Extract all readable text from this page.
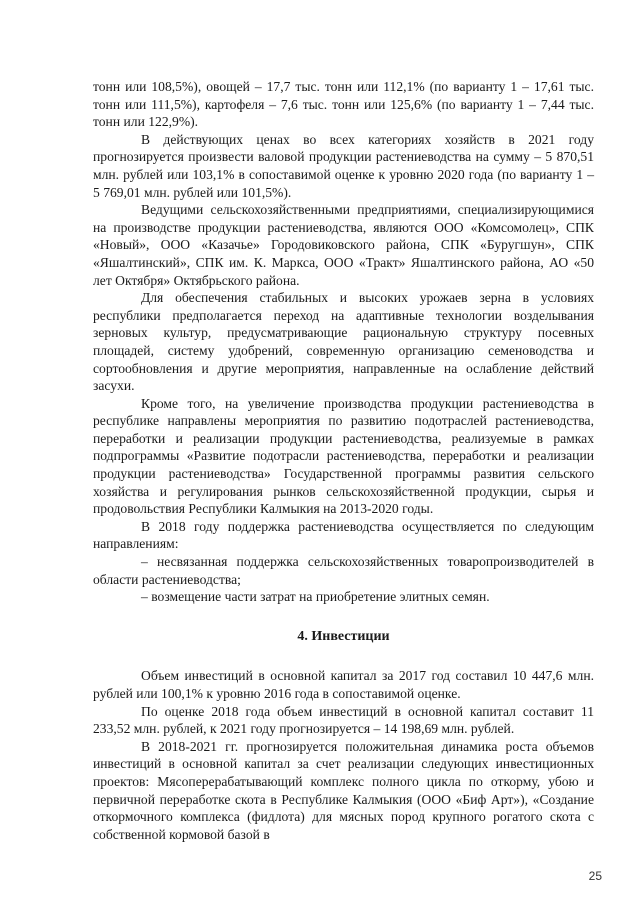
тонн или 108,5%), овощей – 17,7 тыс. тонн или 112,1% (по варианту 1 – 17,61 тыс. тонн или 111,5%), картофеля – 7,6 тыс. тонн или 125,6% (по варианту 1 – 7,44 тыс. тонн или 122,9%).

В действующих ценах во всех категориях хозяйств в 2021 году прогнозируется произвести валовой продукции растениеводства на сумму – 5 870,51 млн. рублей или 103,1% в сопоставимой оценке к уровню 2020 года (по варианту 1 – 5 769,01 млн. рублей или 101,5%).

Ведущими сельскохозяйственными предприятиями, специализирующимися на производстве продукции растениеводства, являются ООО «Комсомолец», СПК «Новый», ООО «Казачье» Городовиковского района, СПК «Буругшун», СПК «Яшалтинский», СПК им. К. Маркса, ООО «Тракт» Яшалтинского района, АО «50 лет Октября» Октябрьского района.

Для обеспечения стабильных и высоких урожаев зерна в условиях республики предполагается переход на адаптивные технологии возделывания зерновых культур, предусматривающие рациональную структуру посевных площадей, систему удобрений, современную организацию семеноводства и сортообновления и другие мероприятия, направленные на ослабление действий засухи.

Кроме того, на увеличение производства продукции растениеводства в республике направлены мероприятия по развитию подотраслей растениеводства, переработки и реализации продукции растениеводства, реализуемые в рамках подпрограммы «Развитие подотрасли растениеводства, переработки и реализации продукции растениеводства» Государственной программы развития сельского хозяйства и регулирования рынков сельскохозяйственной продукции, сырья и продовольствия Республики Калмыкия на 2013-2020 годы.

В 2018 году поддержка растениеводства осуществляется по следующим направлениям:

– несвязанная поддержка сельскохозяйственных товаропроизводителей в области растениеводства;

– возмещение части затрат на приобретение элитных семян.

4. Инвестиции

Объем инвестиций в основной капитал за 2017 год составил 10 447,6 млн. рублей или 100,1% к уровню 2016 года в сопоставимой оценке.

По оценке 2018 года объем инвестиций в основной капитал составит 11 233,52 млн. рублей, к 2021 году прогнозируется – 14 198,69 млн. рублей.

В 2018-2021 гг. прогнозируется положительная динамика роста объемов инвестиций в основной капитал за счет реализации следующих инвестиционных проектов: Мясоперерабатывающий комплекс полного цикла по откорму, убою и первичной переработке скота в Республике Калмыкия (ООО «Биф Арт»), «Создание откормочного комплекса (фидлота) для мясных пород крупного рогатого скота с собственной кормовой базой в

25
